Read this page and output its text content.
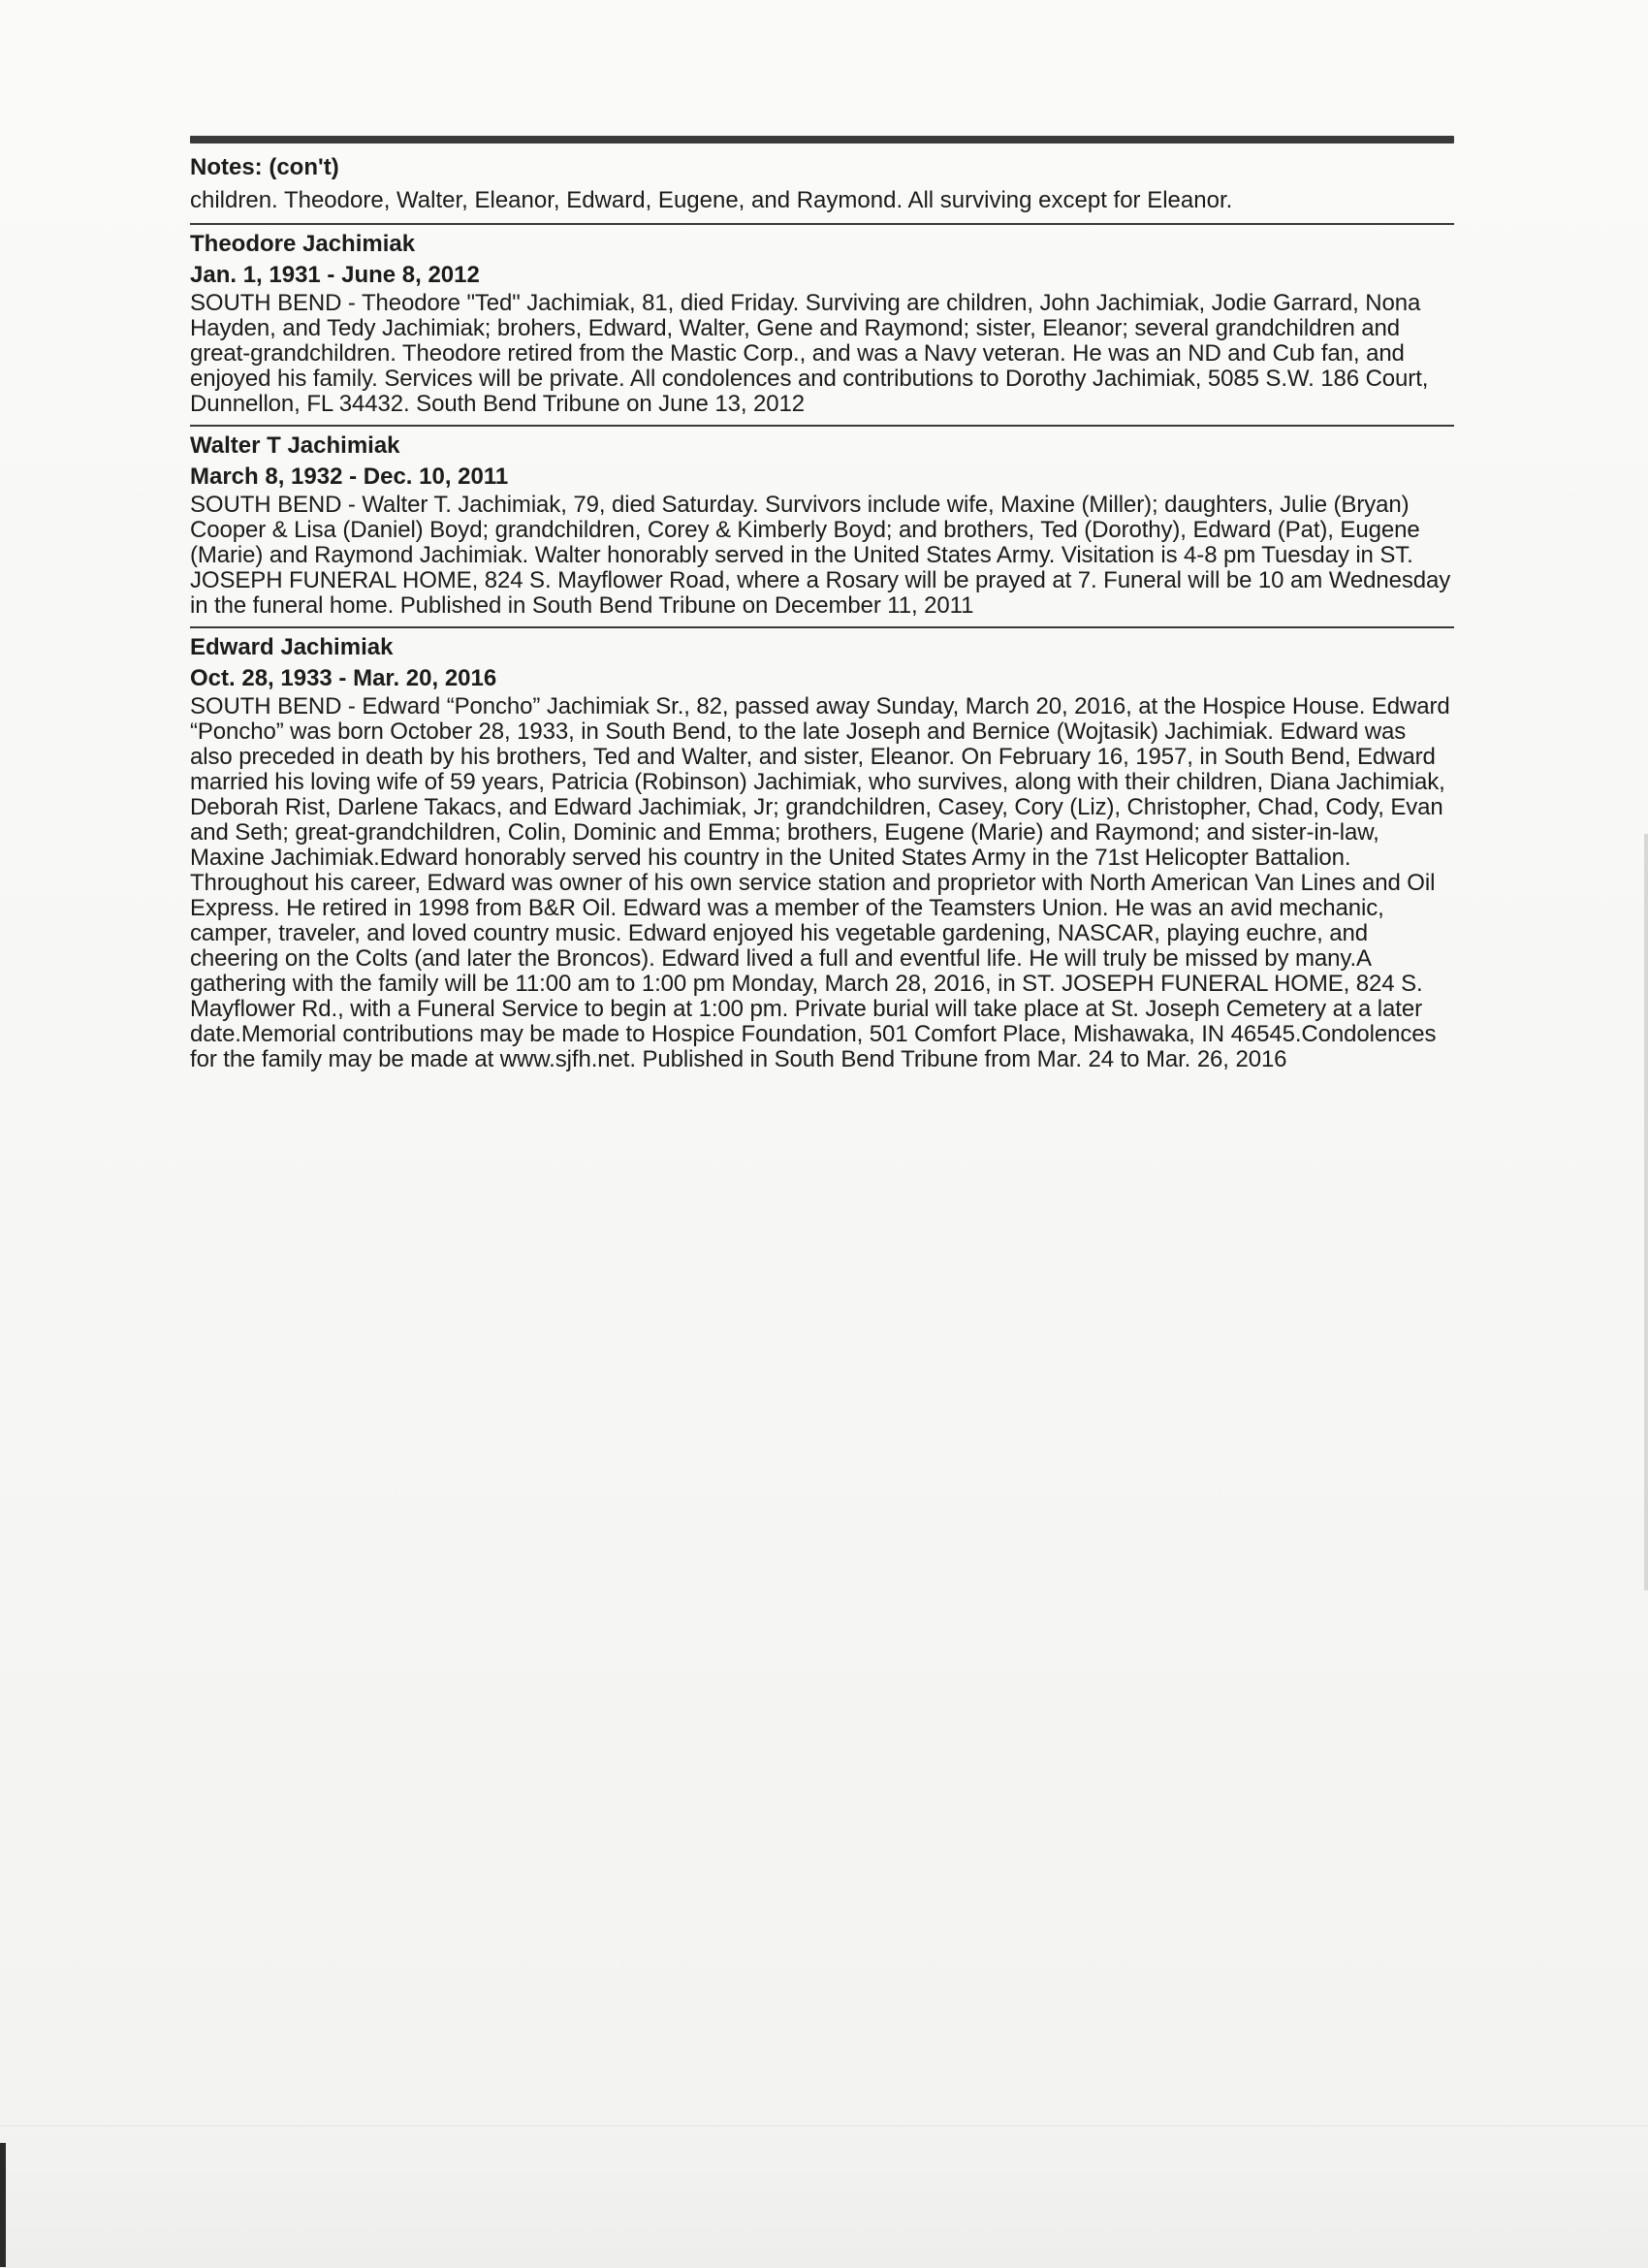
Notes: (con't)
children. Theodore, Walter, Eleanor, Edward, Eugene, and Raymond. All surviving except for Eleanor.
Theodore Jachimiak
Jan. 1, 1931 - June 8, 2012
SOUTH BEND - Theodore "Ted" Jachimiak, 81, died Friday. Surviving are children, John Jachimiak, Jodie Garrard, Nona Hayden, and Tedy Jachimiak; brohers, Edward, Walter, Gene and Raymond; sister, Eleanor; several grandchildren and great-grandchildren. Theodore retired from the Mastic Corp., and was a Navy veteran. He was an ND and Cub fan, and enjoyed his family. Services will be private. All condolences and contributions to Dorothy Jachimiak, 5085 S.W. 186 Court, Dunnellon, FL 34432. South Bend Tribune on June 13, 2012
Walter T Jachimiak
March 8, 1932 - Dec. 10, 2011
SOUTH BEND - Walter T. Jachimiak, 79, died Saturday. Survivors include wife, Maxine (Miller); daughters, Julie (Bryan) Cooper & Lisa (Daniel) Boyd; grandchildren, Corey & Kimberly Boyd; and brothers, Ted (Dorothy), Edward (Pat), Eugene (Marie) and Raymond Jachimiak. Walter honorably served in the United States Army. Visitation is 4-8 pm Tuesday in ST. JOSEPH FUNERAL HOME, 824 S. Mayflower Road, where a Rosary will be prayed at 7. Funeral will be 10 am Wednesday in the funeral home. Published in South Bend Tribune on December 11, 2011
Edward Jachimiak
Oct. 28, 1933 - Mar. 20, 2016
SOUTH BEND - Edward “Poncho” Jachimiak Sr., 82, passed away Sunday, March 20, 2016, at the Hospice House. Edward “Poncho” was born October 28, 1933, in South Bend, to the late Joseph and Bernice (Wojtasik) Jachimiak. Edward was also preceded in death by his brothers, Ted and Walter, and sister, Eleanor. On February 16, 1957, in South Bend, Edward married his loving wife of 59 years, Patricia (Robinson) Jachimiak, who survives, along with their children, Diana Jachimiak, Deborah Rist, Darlene Takacs, and Edward Jachimiak, Jr; grandchildren, Casey, Cory (Liz), Christopher, Chad, Cody, Evan and Seth; great-grandchildren, Colin, Dominic and Emma; brothers, Eugene (Marie) and Raymond; and sister-in-law, Maxine Jachimiak.Edward honorably served his country in the United States Army in the 71st Helicopter Battalion. Throughout his career, Edward was owner of his own service station and proprietor with North American Van Lines and Oil Express. He retired in 1998 from B&R Oil. Edward was a member of the Teamsters Union. He was an avid mechanic, camper, traveler, and loved country music. Edward enjoyed his vegetable gardening, NASCAR, playing euchre, and cheering on the Colts (and later the Broncos). Edward lived a full and eventful life. He will truly be missed by many.A gathering with the family will be 11:00 am to 1:00 pm Monday, March 28, 2016, in ST. JOSEPH FUNERAL HOME, 824 S. Mayflower Rd., with a Funeral Service to begin at 1:00 pm. Private burial will take place at St. Joseph Cemetery at a later date.Memorial contributions may be made to Hospice Foundation, 501 Comfort Place, Mishawaka, IN 46545.Condolences for the family may be made at www.sjfh.net. Published in South Bend Tribune from Mar. 24 to Mar. 26, 2016
